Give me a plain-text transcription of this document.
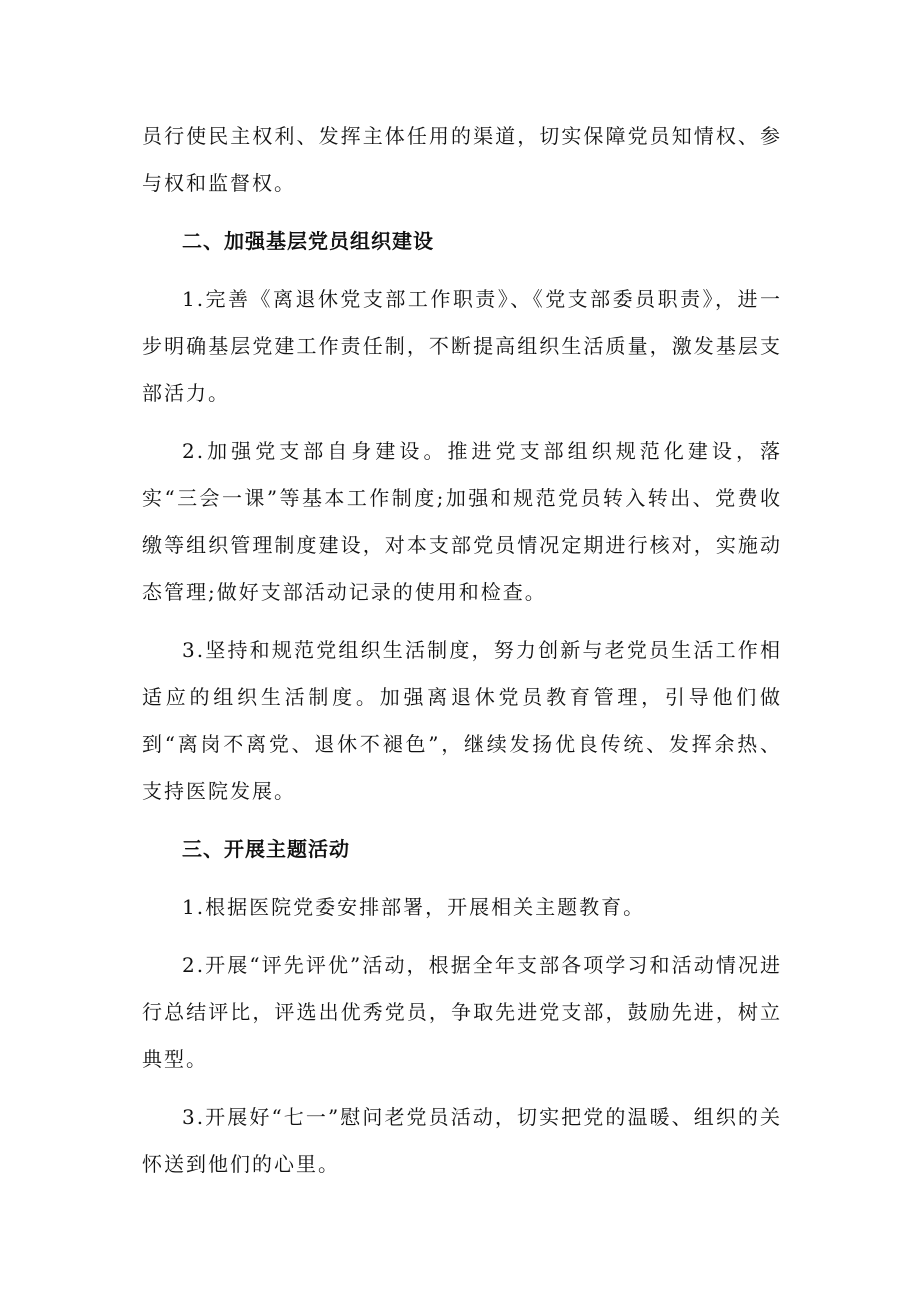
员行使民主权利、发挥主体任用的渠道，切实保障党员知情权、参与权和监督权。

二、加强基层党员组织建设

1.完善《离退休党支部工作职责》、《党支部委员职责》，进一步明确基层党建工作责任制，不断提高组织生活质量，激发基层支部活力。

2.加强党支部自身建设。推进党支部组织规范化建设，落实“三会一课”等基本工作制度;加强和规范党员转入转出、党费收缴等组织管理制度建设，对本支部党员情况定期进行核对，实施动态管理;做好支部活动记录的使用和检查。

3.坚持和规范党组织生活制度，努力创新与老党员生活工作相适应的组织生活制度。加强离退休党员教育管理，引导他们做到“离岗不离党、退休不褪色”，继续发扬优良传统、发挥余热、支持医院发展。

三、开展主题活动

1.根据医院党委安排部署，开展相关主题教育。

2.开展“评先评优”活动，根据全年支部各项学习和活动情况进行总结评比，评选出优秀党员，争取先进党支部，鼓励先进，树立典型。

3.开展好“七一”慰问老党员活动，切实把党的温暖、组织的关怀送到他们的心里。
